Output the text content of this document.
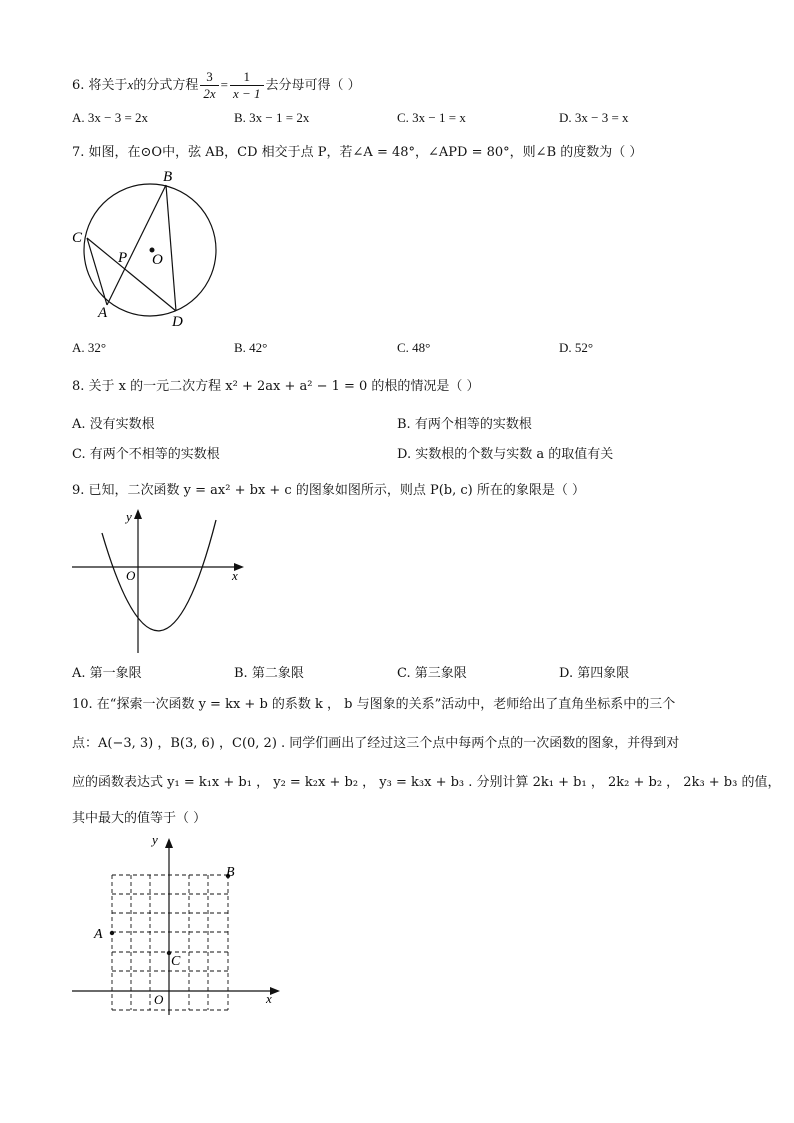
6. 将关于x的分式方程 $\frac{3}{2x} = \frac{1}{x - 1}$ 去分母可得（ ）
A. 3x − 3 = 2x	B. 3x − 1 = 2x	C. 3x − 1 = x	D. 3x − 3 = x
7. 如图，在⊙O中，弦 AB，CD 相交于点 P，若∠A = 48°，∠APD = 80°，则∠B 的度数为（ ）
B
C
P O
A
D
A. 32°	B. 42°	C. 48°	D. 52°
8. 关于 x 的一元二次方程 x² + 2ax + a² − 1 = 0 的根的情况是（ ）
A. 没有实数根	B. 有两个相等的实数根
C. 有两个不相等的实数根	D. 实数根的个数与实数 a 的取值有关
9. 已知，二次函数 y = ax² + bx + c 的图象如图所示，则点 P(b, c) 所在的象限是（ ）
y
x
O
A. 第一象限	B. 第二象限	C. 第三象限	D. 第四象限
10. 在“探索一次函数 y = kx + b 的系数 k ， b 与图象的关系”活动中，老师给出了直角坐标系中的三个
点：A(−3, 3) ，B(3, 6) ，C(0, 2) . 同学们画出了经过这三个点中每两个点的一次函数的图象，并得到对
应的函数表达式 y₁ = k₁x + b₁ ， y₂ = k₂x + b₂ ， y₃ = k₃x + b₃ . 分别计算 2k₁ + b₁ ， 2k₂ + b₂ ， 2k₃ + b₃ 的值，
其中最大的值等于（ ）
y
x
O
A
B
C
